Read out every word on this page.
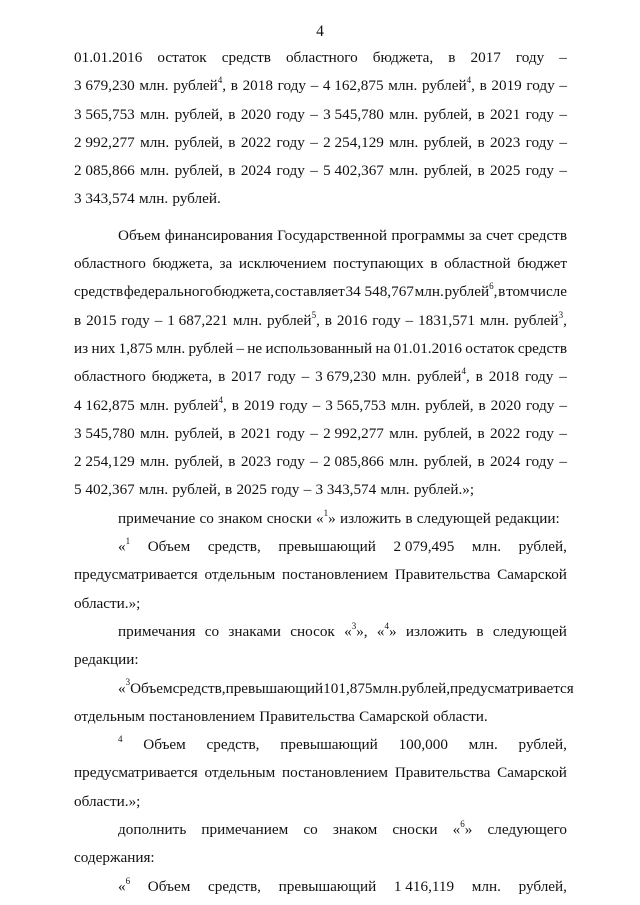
4
01.01.2016 остаток средств областного бюджета, в 2017 году –
3 679,230 млн. рублей$^4$, в 2018 году – 4 162,875 млн. рублей$^4$, в 2019 году –
3 565,753 млн. рублей, в 2020 году – 3 545,780 млн. рублей, в 2021 году –
2 992,277 млн. рублей, в 2022 году – 2 254,129 млн. рублей, в 2023 году –
2 085,866 млн. рублей, в 2024 году – 5 402,367 млн. рублей, в 2025 году –
3 343,574 млн. рублей.
Объем финансирования Государственной программы за счет средств
областного бюджета, за исключением поступающих в областной бюджет
средств федерального бюджета, составляет 34 548,767 млн. рублей$^6$, в том числе
в 2015 году – 1 687,221 млн. рублей$^5$, в 2016 году – 1831,571 млн. рублей$^3$,
из них 1,875 млн. рублей – не использованный на 01.01.2016 остаток средств
областного бюджета, в 2017 году – 3 679,230 млн. рублей$^4$, в 2018 году –
4 162,875 млн. рублей$^4$, в 2019 году – 3 565,753 млн. рублей, в 2020 году –
3 545,780 млн. рублей, в 2021 году – 2 992,277 млн. рублей, в 2022 году –
2 254,129 млн. рублей, в 2023 году – 2 085,866 млн. рублей, в 2024 году –
5 402,367 млн. рублей, в 2025 году – 3 343,574 млн. рублей.»;
примечание со знаком сноски «$^1$» изложить в следующей редакции:
«$^1$ Объем средств, превышающий 2 079,495 млн. рублей,
предусматривается отдельным постановлением Правительства Самарской
области.»;
примечания со знаками сносок «$^3$», «$^4$» изложить в следующей
редакции:
«$^3$ Объем средств, превышающий 101,875 млн. рублей, предусматривается
отдельным постановлением Правительства Самарской области.
$^4$ Объем средств, превышающий 100,000 млн. рублей,
предусматривается отдельным постановлением Правительства Самарской
области.»;
дополнить примечанием со знаком сноски «$^6$» следующего
содержания:
«$^6$ Объем средств, превышающий 1 416,119 млн. рублей,
